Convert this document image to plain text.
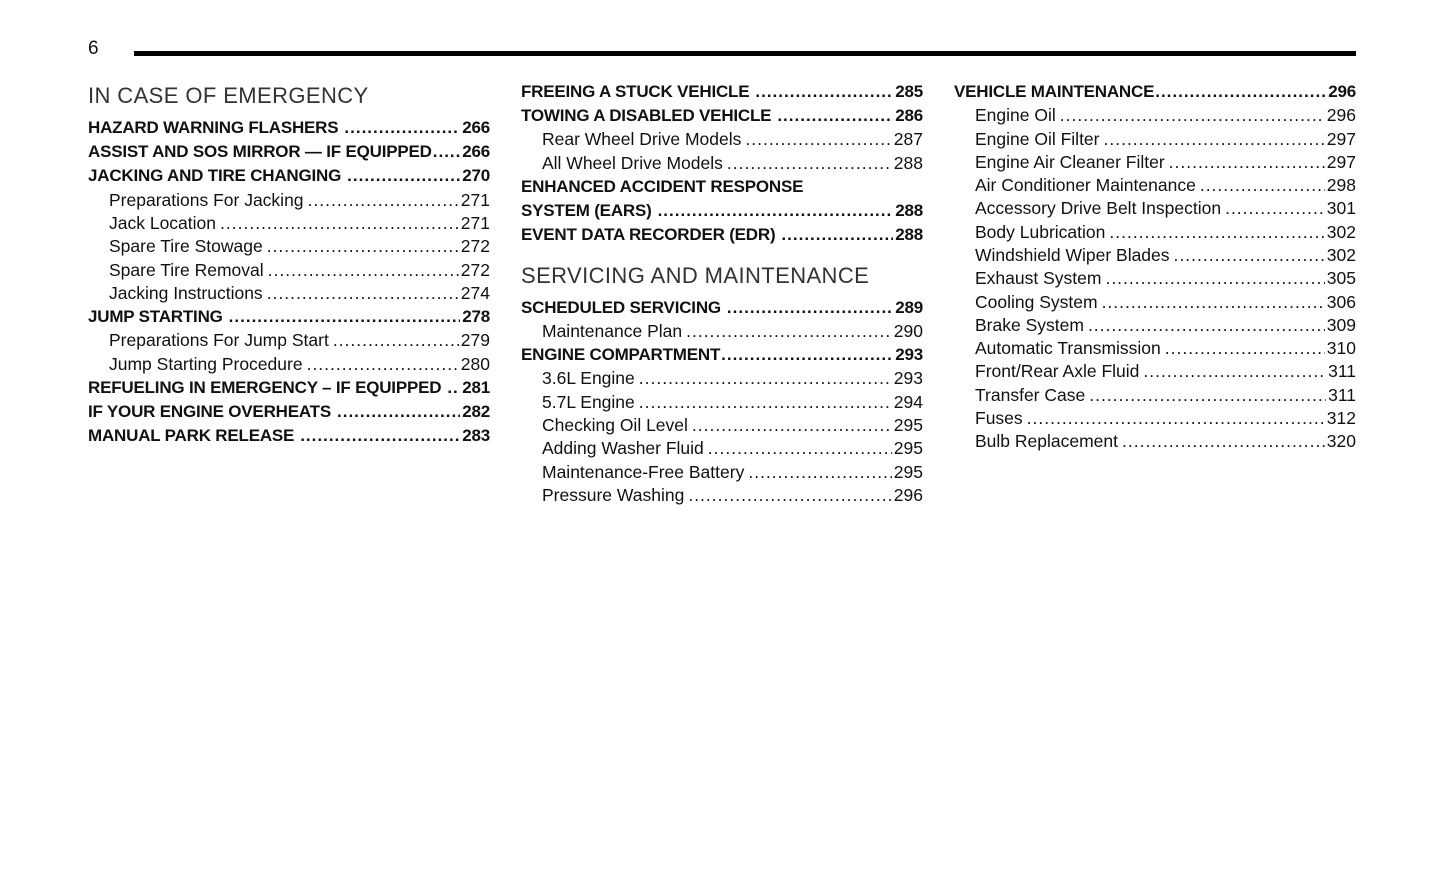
6
IN CASE OF EMERGENCY
HAZARD WARNING FLASHERS .....	266
ASSIST AND SOS MIRROR — IF EQUIPPED ..... 266
JACKING AND TIRE CHANGING .....	270
Preparations For Jacking .....	271
Jack Location .....	271
Spare Tire Stowage .....	272
Spare Tire Removal .....	272
Jacking Instructions .....	274
JUMP STARTING .....	278
Preparations For Jump Start .....	279
Jump Starting Procedure .....	280
REFUELING IN EMERGENCY – IF EQUIPPED ..... 281
IF YOUR ENGINE OVERHEATS .....	282
MANUAL PARK RELEASE .....	283
FREEING A STUCK VEHICLE .....	285
TOWING A DISABLED VEHICLE .....	286
Rear Wheel Drive Models .....	287
All Wheel Drive Models .....	288
ENHANCED ACCIDENT RESPONSE
SYSTEM (EARS) .....	288
EVENT DATA RECORDER (EDR) .....	288
SERVICING AND MAINTENANCE
SCHEDULED SERVICING .....	289
Maintenance Plan .....	290
ENGINE COMPARTMENT .....	293
3.6L Engine .....	293
5.7L Engine .....	294
Checking Oil Level .....	295
Adding Washer Fluid .....	295
Maintenance-Free Battery .....	295
Pressure Washing .....	296
VEHICLE MAINTENANCE .....	296
Engine Oil .....	296
Engine Oil Filter .....	297
Engine Air Cleaner Filter .....	297
Air Conditioner Maintenance .....	298
Accessory Drive Belt Inspection .....	301
Body Lubrication .....	302
Windshield Wiper Blades .....	302
Exhaust System .....	305
Cooling System .....	306
Brake System .....	309
Automatic Transmission .....	310
Front/Rear Axle Fluid .....	311
Transfer Case .....	311
Fuses .....	312
Bulb Replacement .....	320
